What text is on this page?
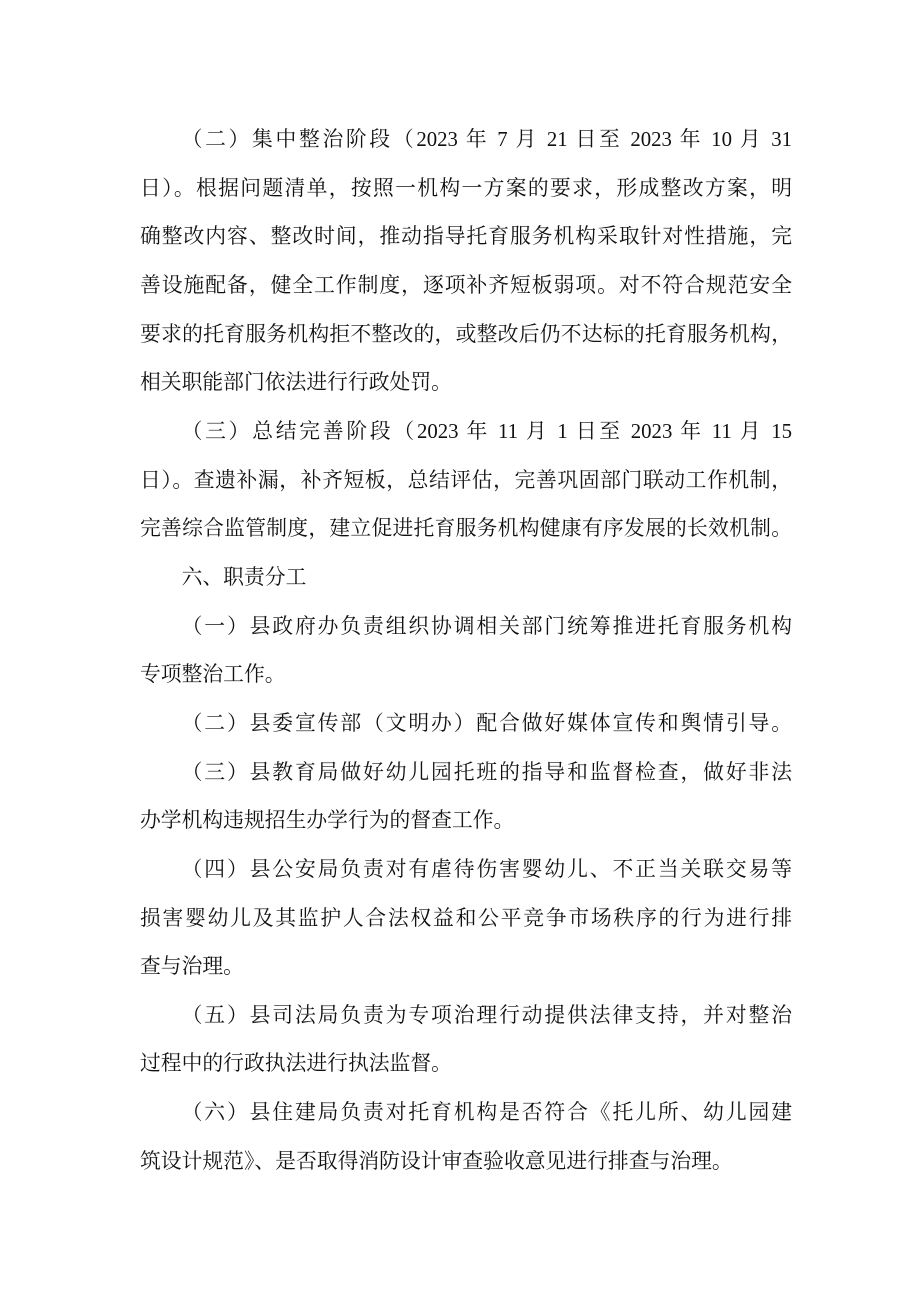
（二）集中整治阶段（2023 年 7 月 21 日至 2023 年 10 月 31
日）。根据问题清单，按照一机构一方案的要求，形成整改方案，明
确整改内容、整改时间，推动指导托育服务机构采取针对性措施，完
善设施配备，健全工作制度，逐项补齐短板弱项。对不符合规范安全
要求的托育服务机构拒不整改的，或整改后仍不达标的托育服务机构，
相关职能部门依法进行行政处罚。
（三）总结完善阶段（2023 年 11 月 1 日至 2023 年 11 月 15
日）。查遗补漏，补齐短板，总结评估，完善巩固部门联动工作机制，
完善综合监管制度，建立促进托育服务机构健康有序发展的长效机制。
六、职责分工
（一）县政府办负责组织协调相关部门统筹推进托育服务机构
专项整治工作。
（二）县委宣传部（文明办）配合做好媒体宣传和舆情引导。
（三）县教育局做好幼儿园托班的指导和监督检查，做好非法
办学机构违规招生办学行为的督查工作。
（四）县公安局负责对有虐待伤害婴幼儿、不正当关联交易等
损害婴幼儿及其监护人合法权益和公平竞争市场秩序的行为进行排
查与治理。
（五）县司法局负责为专项治理行动提供法律支持，并对整治
过程中的行政执法进行执法监督。
（六）县住建局负责对托育机构是否符合《托儿所、幼儿园建
筑设计规范》、是否取得消防设计审查验收意见进行排查与治理。
